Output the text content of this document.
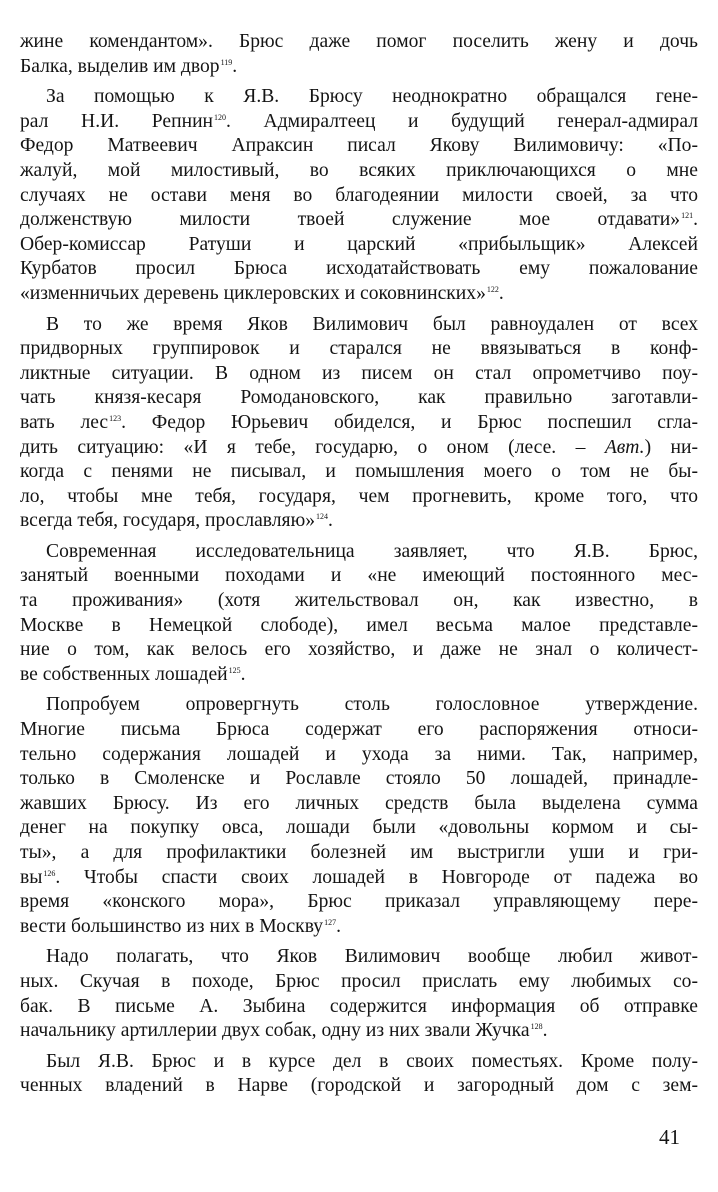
жине комендантом». Брюс даже помог поселить жену и дочь
Балка, выделив им двор$^{119}$.
За помощью к Я.В. Брюсу неоднократно обращался гене-
рал Н.И. Репнин$^{120}$. Адмиралтеец и будущий генерал-адмирал
Федор Матвеевич Апраксин писал Якову Вилимовичу: «По-
жалуй, мой милостивый, во всяких приключающихся о мне
случаях не остави меня во благодеянии милости своей, за что
долженствую милости твоей служение мое отдавати»$^{121}$.
Обер-комиссар Ратуши и царский «прибыльщик» Алексей
Курбатов просил Брюса исходатайствовать ему пожалование
«изменничьих деревень циклеровских и соковнинских»$^{122}$.
В то же время Яков Вилимович был равноудален от всех
придворных группировок и старался не ввязываться в конф-
ликтные ситуации. В одном из писем он стал опрометчиво поу-
чать князя-кесаря Ромодановского, как правильно заготавли-
вать лес$^{123}$. Федор Юрьевич обиделся, и Брюс поспешил сгла-
дить ситуацию: «И я тебе, государю, о оном (лесе. – Авт.) ни-
когда с пенями не писывал, и помышления моего о том не бы-
ло, чтобы мне тебя, государя, чем прогневить, кроме того, что
всегда тебя, государя, прославляю»$^{124}$.
Современная исследовательница заявляет, что Я.В. Брюс,
занятый военными походами и «не имеющий постоянного мес-
та проживания» (хотя жительствовал он, как известно, в
Москве в Немецкой слободе), имел весьма малое представле-
ние о том, как велось его хозяйство, и даже не знал о количест-
ве собственных лошадей$^{125}$.
Попробуем опровергнуть столь голословное утверждение.
Многие письма Брюса содержат его распоряжения относи-
тельно содержания лошадей и ухода за ними. Так, например,
только в Смоленске и Рославле стояло 50 лошадей, принадле-
жавших Брюсу. Из его личных средств была выделена сумма
денег на покупку овса, лошади были «довольны кормом и сы-
ты», а для профилактики болезней им выстригли уши и гри-
$вы^{126}$. Чтобы спасти своих лошадей в Новгороде от падежа во
время «конского мора», Брюс приказал управляющему пере-
вести большинство из них в Москву$^{127}$.
Надо полагать, что Яков Вилимович вообще любил живот-
ных. Скучая в походе, Брюс просил прислать ему любимых со-
бак. В письме А. Зыбина содержится информация об отправке
начальнику артиллерии двух собак, одну из них звали Жучка$^{128}$.
Был Я.В. Брюс и в курсе дел в своих поместьях. Кроме полу-
ченных владений в Нарве (городской и загородный дом с зем-
41
